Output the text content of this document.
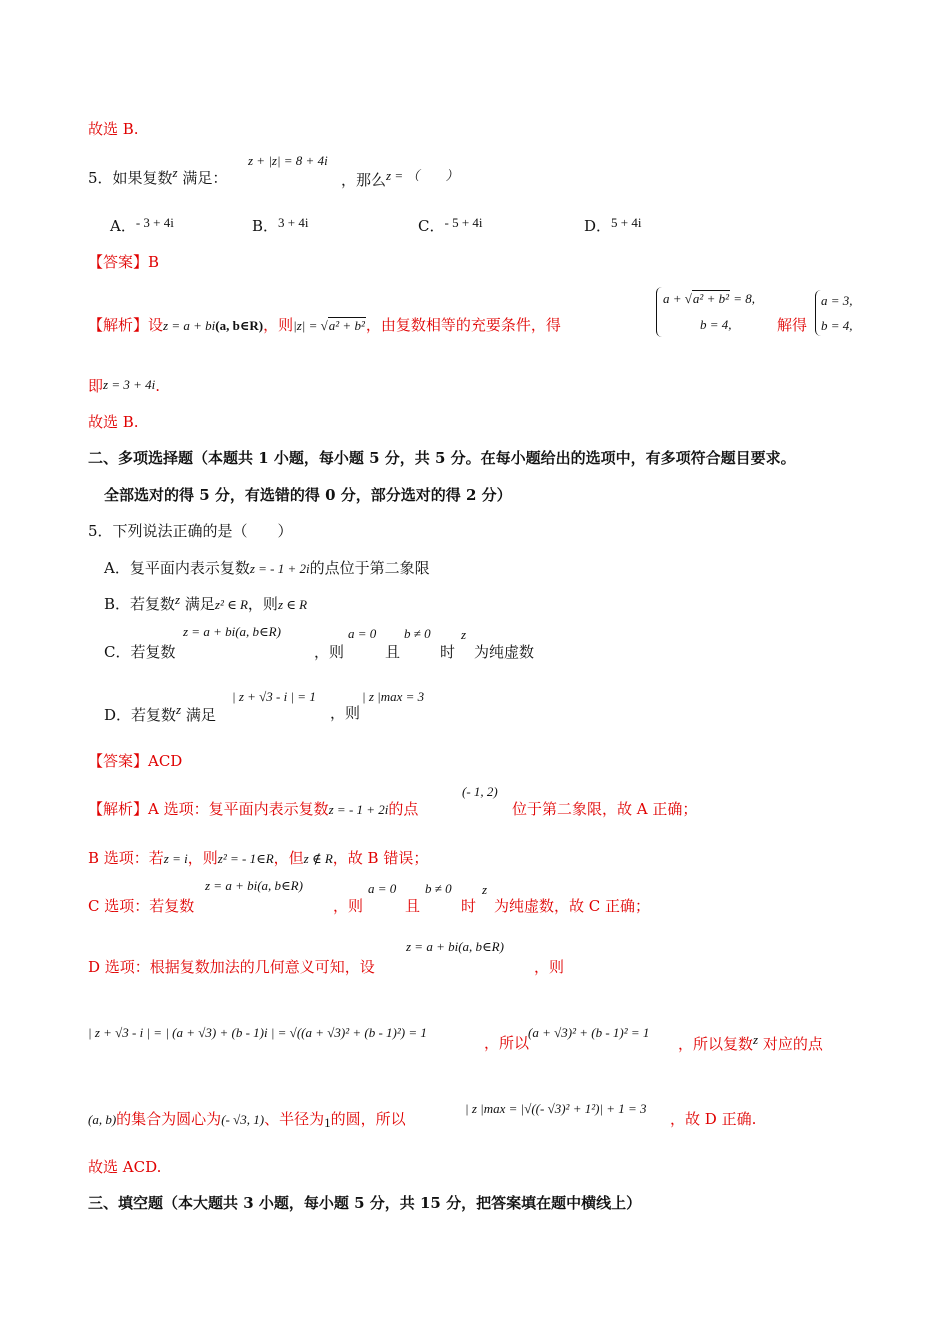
故选 B.
5．如果复数z 满足：
z + |z| = 8 + 4i
，那么z = （　　）
A．- 3 + 4i	B．3 + 4i	C．- 5 + 4i	D．5 + 4i
【答案】B
【解析】设z = a + bi(a, b∈R)，则|z| = √a² + b²，由复数相等的充要条件，得
a + √a² + b² = 8,
b = 4,	解得
a = 3,
b = 4,
即z = 3 + 4i.
故选 B.
二、多项选择题（本题共 1 小题，每小题 5 分，共 5 分。在每小题给出的选项中，有多项符合题目要求。
全部选对的得 5 分，有选错的得 0 分，部分选对的得 2 分）
5．下列说法正确的是（　　）
A．复平面内表示复数z = - 1 + 2i的点位于第二象限
B．若复数z 满足z² ∈ R，则z ∈ R
C．若复数
z = a + bi(a, b∈R)
，则
a = 0
且
b ≠ 0
时
z
为纯虚数
D．若复数z 满足
| z + √3 - i | = 1
，则
| z |max = 3
【答案】ACD
【解析】A 选项：复平面内表示复数z = - 1 + 2i的点
(- 1, 2)
位于第二象限，故 A 正确；
B 选项：若z = i，则z² = - 1∈R，但z ∉ R，故 B 错误；
C 选项：若复数
z = a + bi(a, b∈R)
，则
a = 0
且
b ≠ 0
时
z
为纯虚数，故 C 正确；
D 选项：根据复数加法的几何意义可知，设
z = a + bi(a, b∈R)
，则
| z + √3 - i | = | (a + √3) + (b - 1)i | = √((a + √3)² + (b - 1)²) = 1
，所以
(a + √3)² + (b - 1)² = 1
，所以复数z 对应的点
(a, b)的集合为圆心为(- √3, 1)、半径为1的圆，所以
| z |max = |√((- √3)² + 1²)| + 1 = 3
，故 D 正确.
故选 ACD.
三、填空题（本大题共 3 小题，每小题 5 分，共 15 分，把答案填在题中横线上）
